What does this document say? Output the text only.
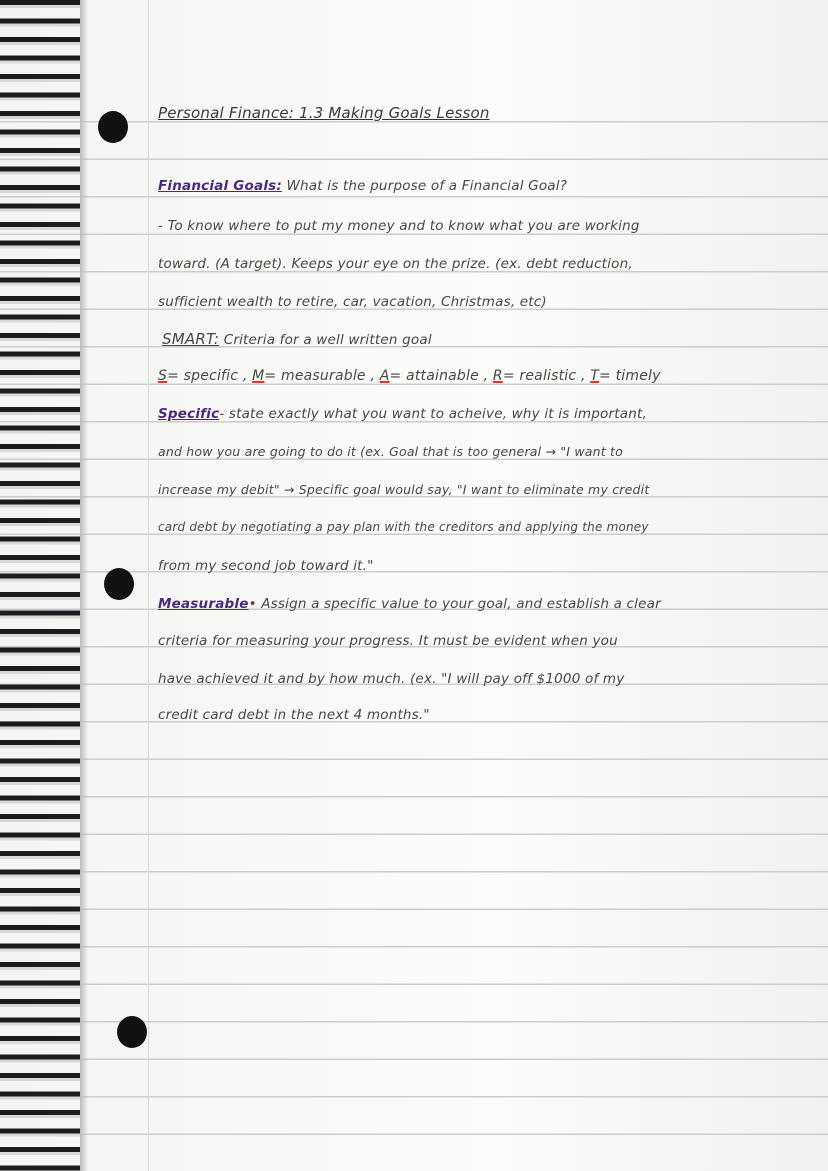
Personal Finance: 1.3 Making Goals Lesson
Financial Goals: What is the purpose of a Financial Goal?
- To know where to put my money and to know what you are working
toward. (A target). Keeps your eye on the prize. (ex. debt reduction,
sufficient wealth to retire, car, vacation, Christmas, etc)
SMART: Criteria for a well written goal
S= specific , M= measurable , A= attainable , R= realistic , T= timely
Specific- state exactly what you want to acheive, why it is important,
and how you are going to do it (ex. Goal that is too general → "I want to
increase my debit" → Specific goal would say, "I want to eliminate my credit
card debt by negotiating a pay plan with the creditors and applying the money
from my second job toward it."
Measurable• Assign a specific value to your goal, and establish a clear
criteria for measuring your progress. It must be evident when you
have achieved it and by how much. (ex. "I will pay off $1000 of my
credit card debt in the next 4 months."
